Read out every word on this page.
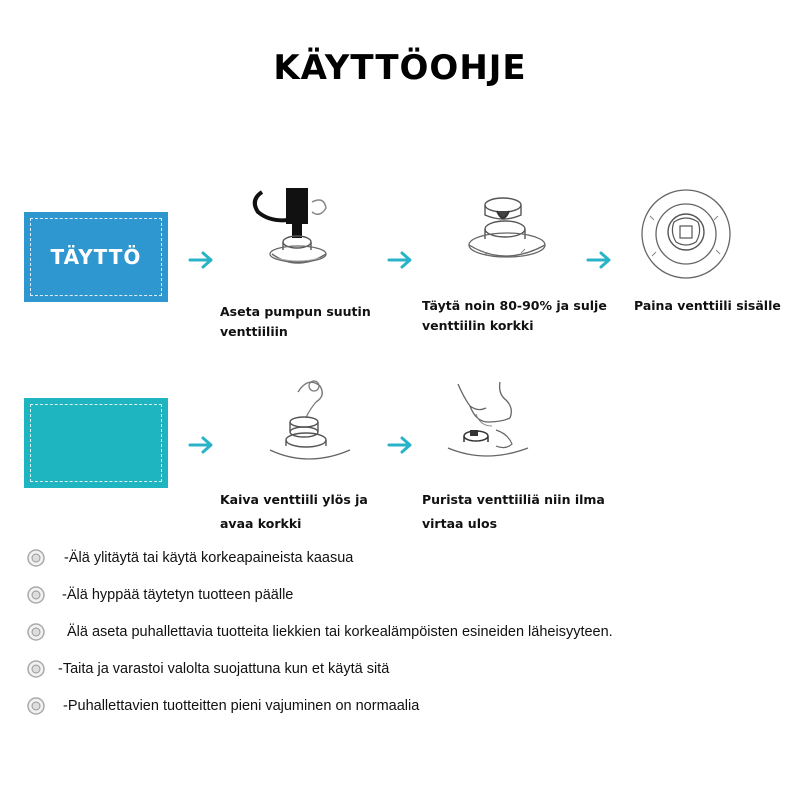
KÄYTTÖOHJE
TÄYTTÖ
Aseta pumpun suutin
venttiiliin
Täytä noin 80-90% ja sulje
venttiilin korkki
Paina venttiili sisälle
Kaiva venttiili ylös ja
avaa korkki
Purista venttiiliä niin ilma
virtaa ulos
-Älä ylitäytä tai käytä korkeapaineista kaasua
-Älä hyppää täytetyn tuotteen päälle
Älä aseta puhallettavia tuotteita liekkien tai korkealämpöisten esineiden läheisyyteen.
-Taita ja varastoi valolta suojattuna kun et käytä sitä
-Puhallettavien tuotteitten pieni vajuminen on normaalia
